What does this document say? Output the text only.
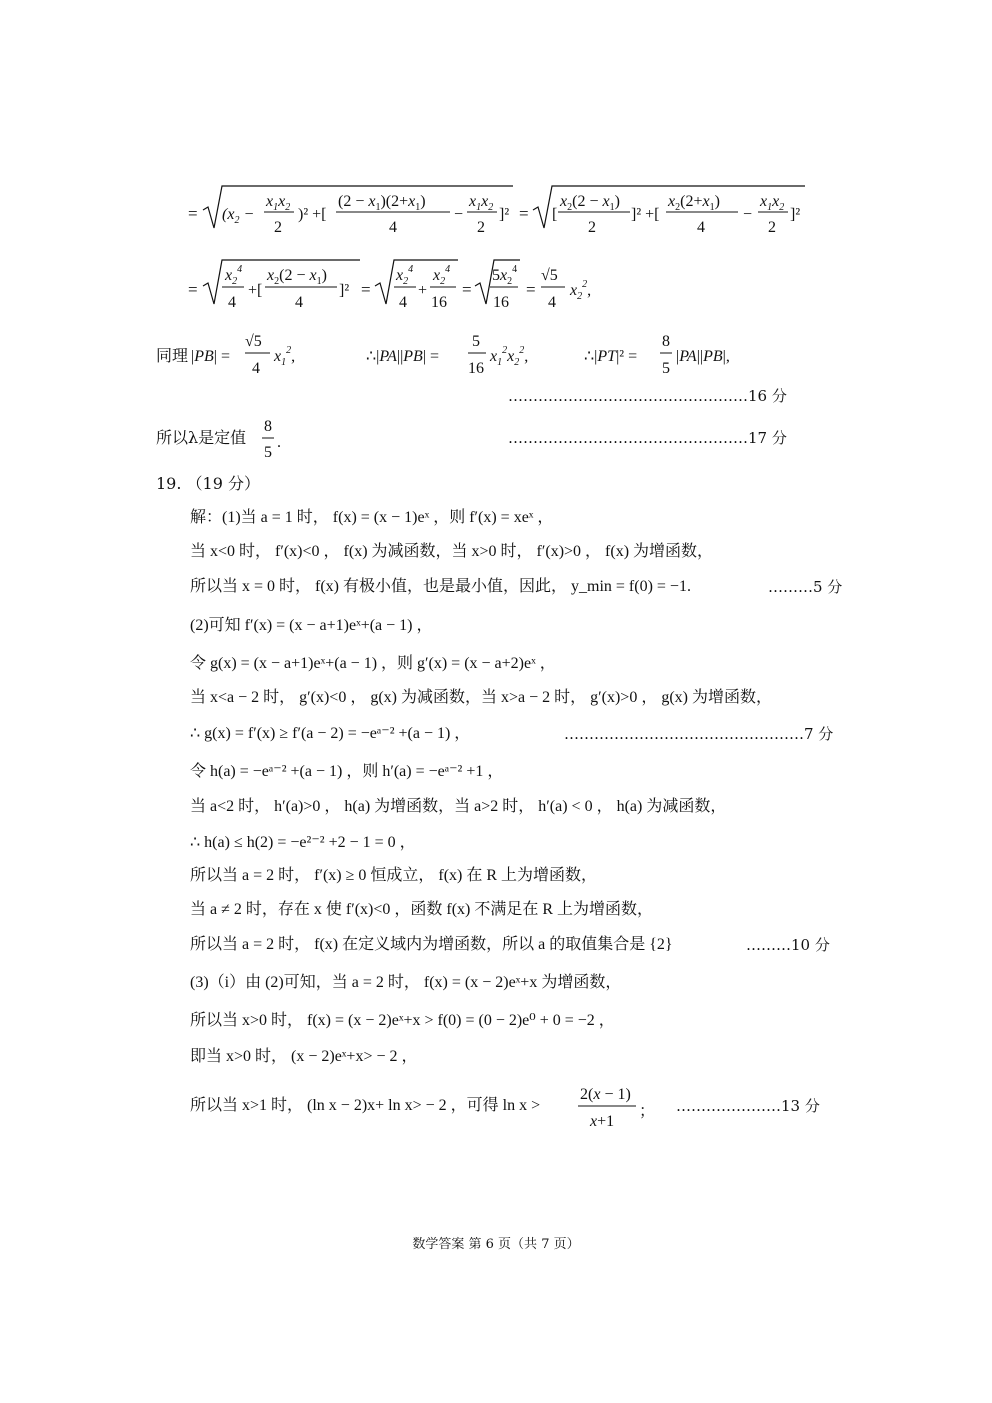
= ($x_2$ −
$x_1x_2$
2
)² +[
$(2 - x_1)(2+x_1)$
4
−
$x_1x_2$
2
]² = [
$x_2(2 - x_1)$
2
]² +[
$x_2(2+x_1)$
4
−
$x_1x_2$
2
]²
=
$x_2^4$
4
+[
$x_2(2 - x_1)$
4
]² =
$x_2^4$
4
+
$x_2^4$
16
=
$5x_2^4$
16
=
√5
4
$x_2^2$,
同理 |PB| =
√5
4
$x_1^2$,	∴|PA||PB| =
5
16
$x_1^2x_2^2$,	∴|PT|² =
8
5
|PA||PB|,
…………………………………………16 分
所以λ是定值
8
5
.	…………………………………………17 分
19. （19 分）
解：(1)当 a = 1 时， f(x) = (x − 1)eˣ ，则 f′(x) = xeˣ ，
当 x<0 时， f′(x)<0 ， f(x) 为减函数，当 x>0 时， f′(x)>0 ， f(x) 为增函数，
所以当 x = 0 时， f(x) 有极小值，也是最小值，因此， y_min = f(0) = −1.	………5 分
(2)可知 f′(x) = (x − a+1)eˣ+(a − 1) ，
令 g(x) = (x − a+1)eˣ+(a − 1) ，则 g′(x) = (x − a+2)eˣ ，
当 x<a − 2 时， g′(x)<0 ， g(x) 为减函数，当 x>a − 2 时， g′(x)>0 ， g(x) 为增函数，
∴ g(x) = f′(x) ≥ f′(a − 2) = −eᵃ⁻² +(a − 1) ，	…………………………………………7 分
令 h(a) = −eᵃ⁻² +(a − 1) ，则 h′(a) = −eᵃ⁻² +1 ，
当 a<2 时， h′(a)>0 ， h(a) 为增函数，当 a>2 时， h′(a) < 0 ， h(a) 为减函数，
∴ h(a) ≤ h(2) = −e²⁻² +2 − 1 = 0 ，
所以当 a = 2 时， f′(x) ≥ 0 恒成立， f(x) 在 R 上为增函数，
当 a ≠ 2 时，存在 x 使 f′(x)<0 ，函数 f(x) 不满足在 R 上为增函数，
所以当 a = 2 时， f(x) 在定义域内为增函数，所以 a 的取值集合是 {2}	………10 分
(3)（i）由 (2)可知，当 a = 2 时， f(x) = (x − 2)eˣ+x 为增函数，
所以当 x>0 时， f(x) = (x − 2)eˣ+x > f(0) = (0 − 2)e⁰ + 0 = −2 ，
即当 x>0 时， (x − 2)eˣ+x> − 2 ，
所以当 x>1 时， (ln x − 2)x+ ln x> − 2 ，可得 ln x >
2(x − 1)
x+1
； …………………13 分
数学答案 第 6 页（共 7 页）
